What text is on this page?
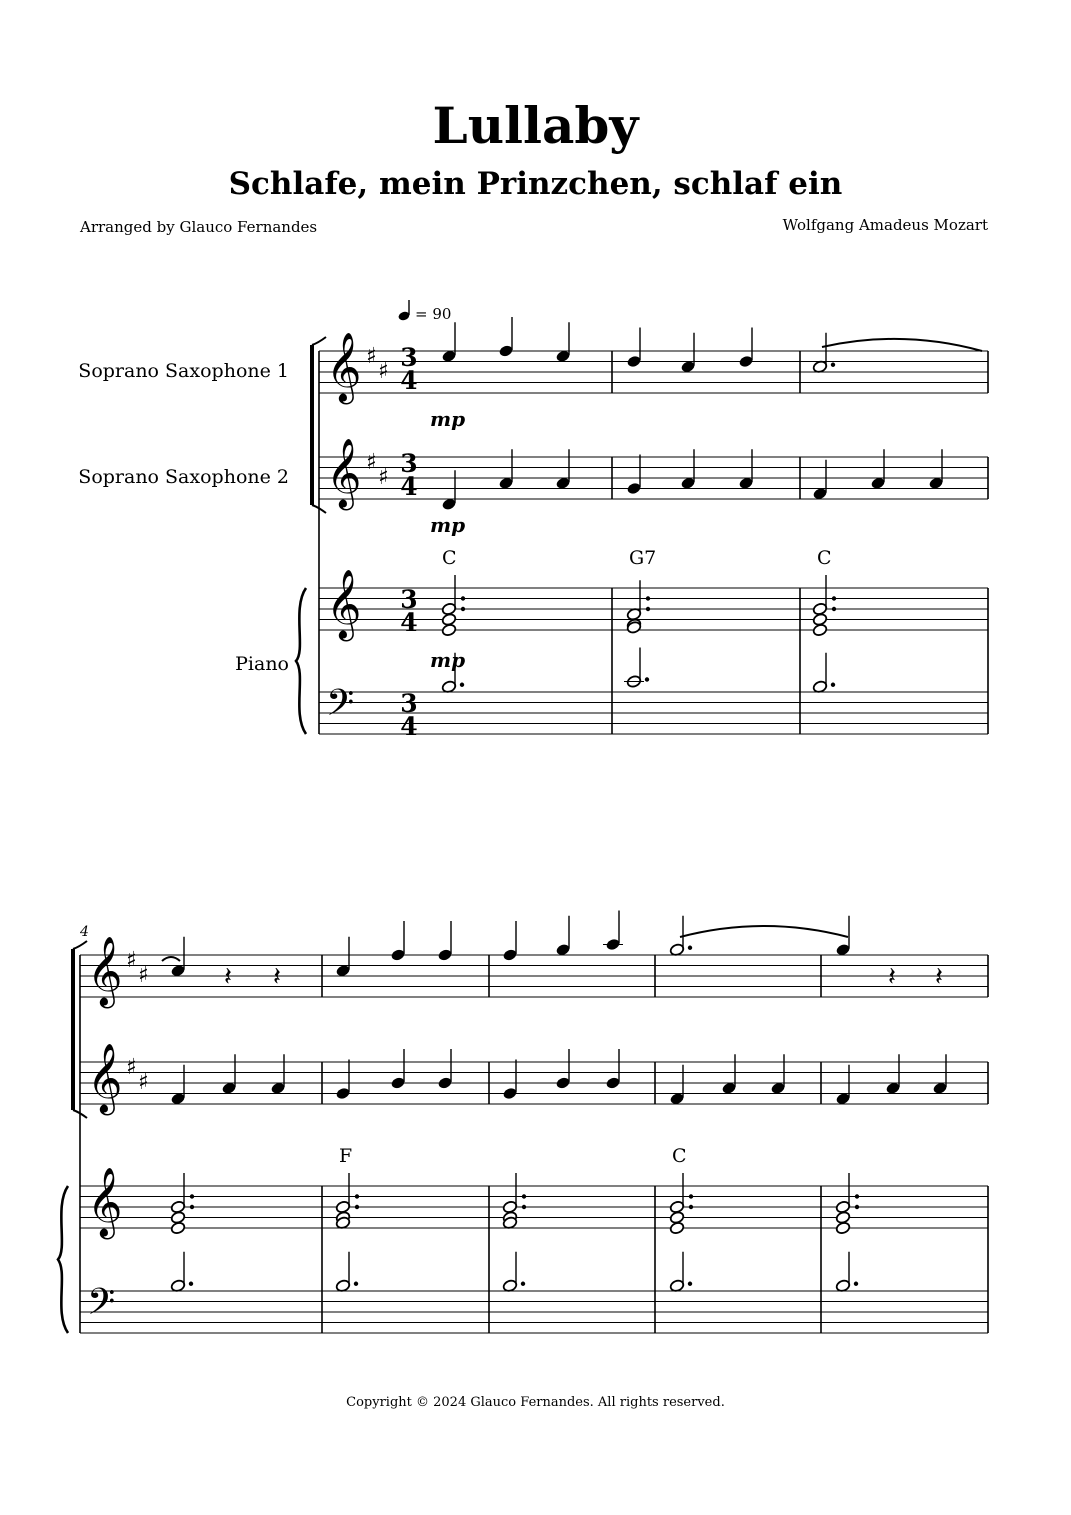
Lullaby
Schlafe, mein Prinzchen, schlaf ein
Arranged by Glauco Fernandes	Wolfgang Amadeus Mozart
𝄞 ♯
♯
𝄞 ♯
♯
𝄞
𝄢
𝄞 ♯
♯
𝄞 ♯
♯
𝄞
𝄢
𝄽 𝄽	𝄽 𝄽
= 90
Soprano Saxophone 1
Soprano Saxophone 2
Piano
C	G7	C
F	C
mp
mp
mp
4
3
4
3
4
3
4
3
4
Copyright © 2024 Glauco Fernandes. All rights reserved.
